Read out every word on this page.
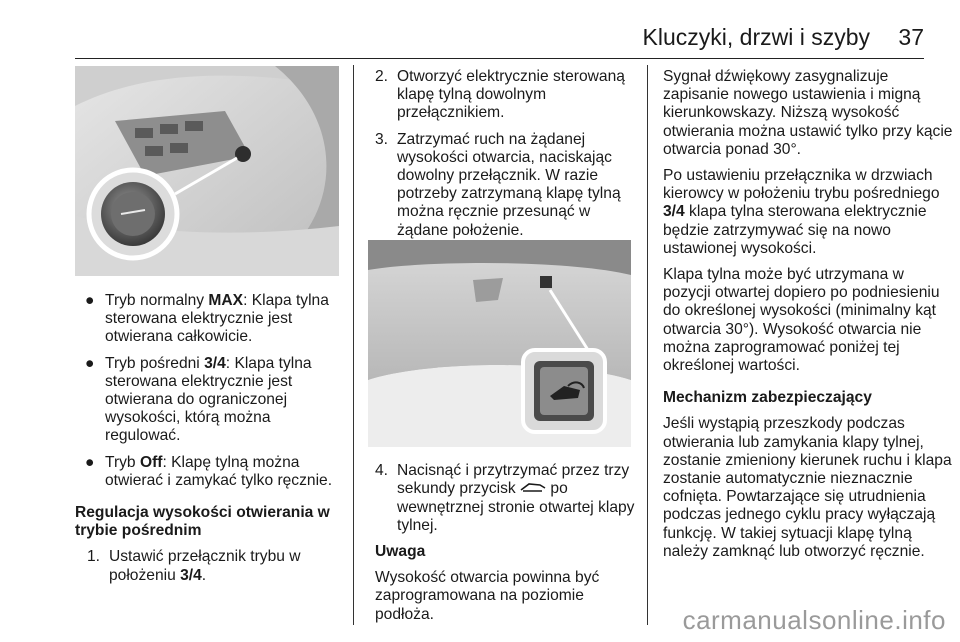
Kluczyki, drzwi i szyby 37
● Tryb normalny MAX: Klapa tylna sterowana elektrycznie jest otwierana całkowicie.
● Tryb pośredni 3/4: Klapa tylna sterowana elektrycznie jest otwierana do ograniczonej wysokości, którą można regulować.
● Tryb Off: Klapę tylną można otwierać i zamykać tylko ręcznie.

Regulacja wysokości otwierania w trybie pośrednim

1. Ustawić przełącznik trybu w położeniu 3/4.
2. Otworzyć elektrycznie sterowaną klapę tylną dowolnym przełącznikiem.
3. Zatrzymać ruch na żądanej wysokości otwarcia, naciskając dowolny przełącznik. W razie potrzeby zatrzymaną klapę tylną można ręcznie przesunąć w żądane położenie.
4. Nacisnąć i przytrzymać przez trzy sekundy przycisk  po wewnętrznej stronie otwartej klapy tylnej.

Uwaga

Wysokość otwarcia powinna być zaprogramowana na poziomie podłoża.

Sygnał dźwiękowy zasygnalizuje zapisanie nowego ustawienia i migną kierunkowskazy. Niższą wysokość otwierania można ustawić tylko przy kącie otwarcia ponad 30°.

Po ustawieniu przełącznika w drzwiach kierowcy w położeniu trybu pośredniego 3/4 klapa tylna sterowana elektrycznie będzie zatrzymywać się na nowo ustawionej wysokości.

Klapa tylna może być utrzymana w pozycji otwartej dopiero po podniesieniu do określonej wysokości (minimalny kąt otwarcia 30°). Wysokość otwarcia nie można zaprogramować poniżej tej określonej wartości.

Mechanizm zabezpieczający

Jeśli wystąpią przeszkody podczas otwierania lub zamykania klapy tylnej, zostanie zmieniony kierunek ruchu i klapa zostanie automatycznie nieznacznie cofnięta. Powtarzające się utrudnienia podczas jednego cyklu pracy wyłączają funkcję. W takiej sytuacji klapę tylną należy zamknąć lub otworzyć ręcznie.

carmanualsonline.info
